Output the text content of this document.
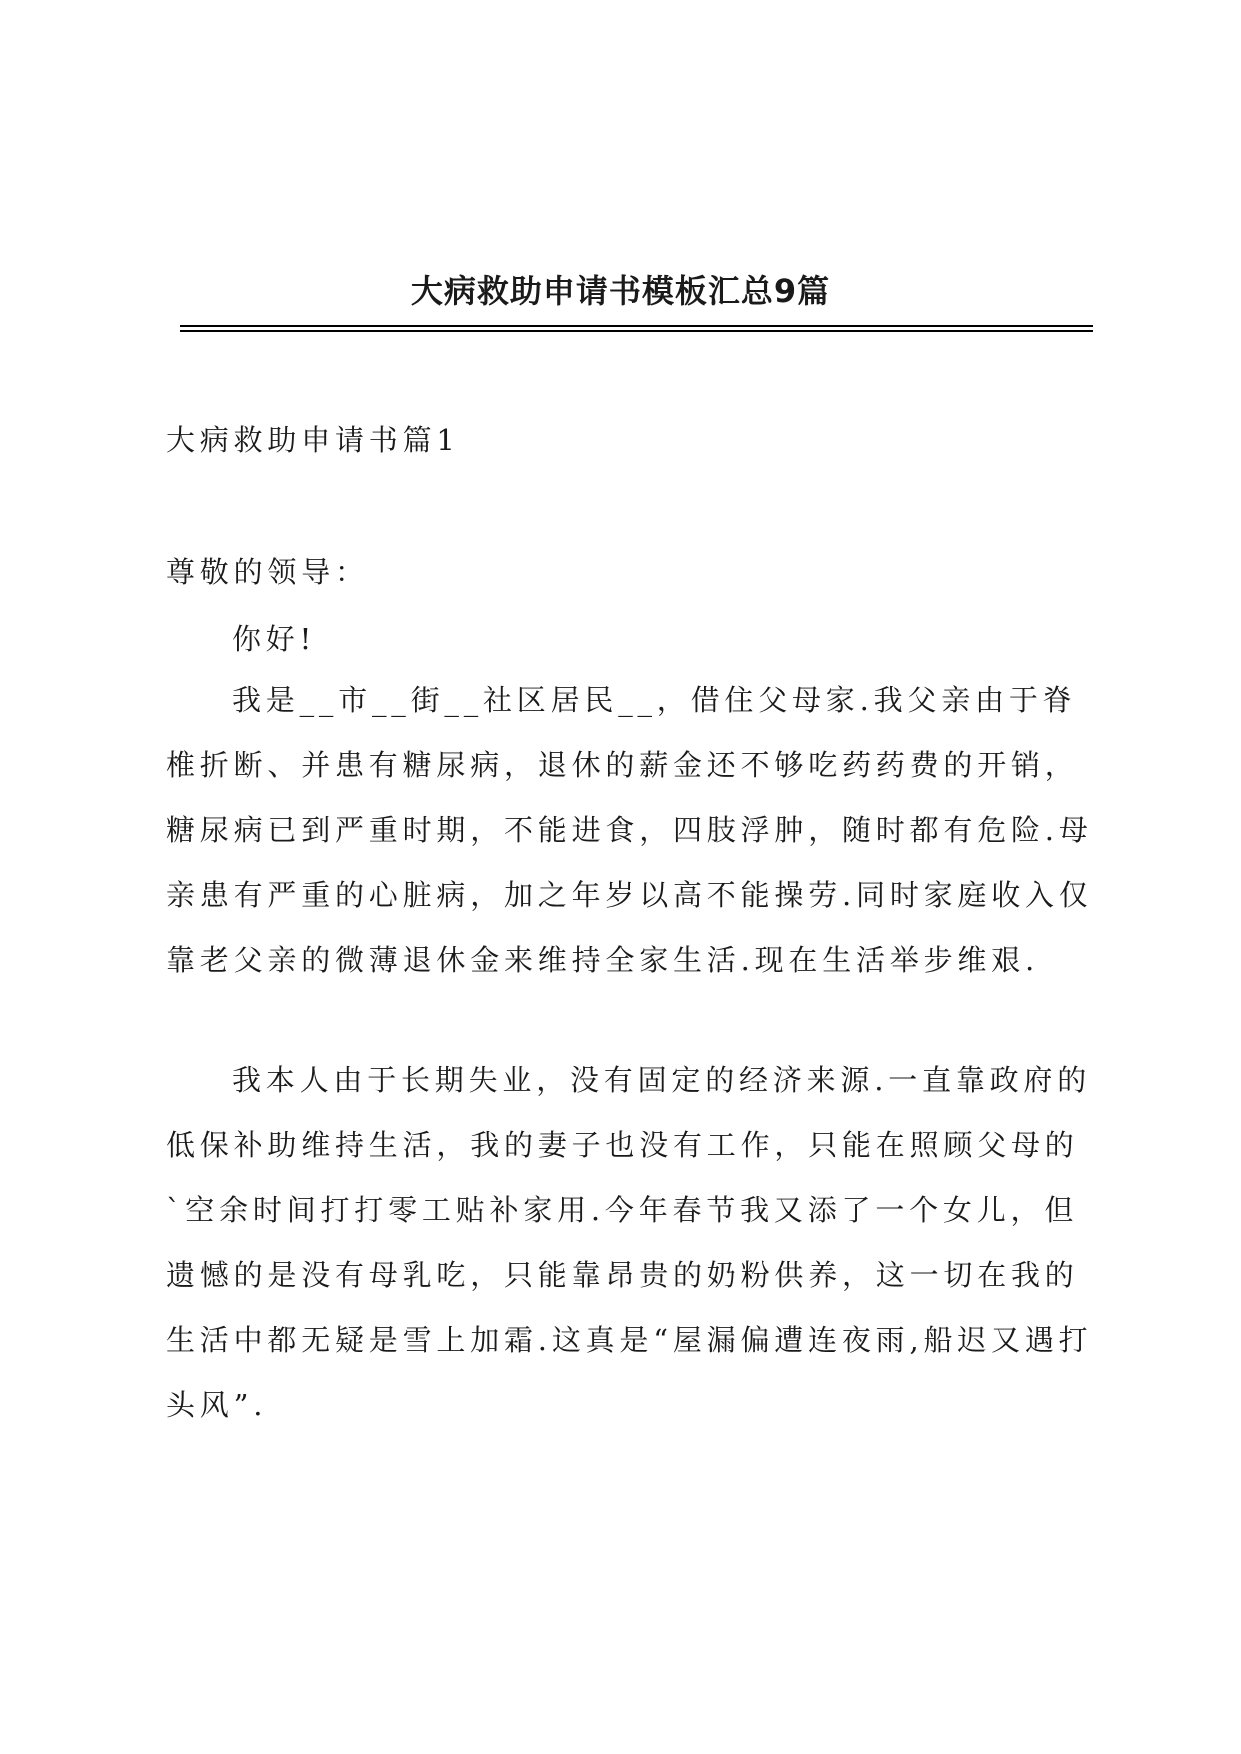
大病救助申请书模板汇总9篇

大病救助申请书篇1

尊敬的领导：

你好!

我是__市__街__社区居民__，借住父母家.我父亲由于脊椎折断、并患有糖尿病，退休的薪金还不够吃药药费的开销，糖尿病已到严重时期，不能进食，四肢浮肿，随时都有危险.母亲患有严重的心脏病，加之年岁以高不能操劳.同时家庭收入仅靠老父亲的微薄退休金来维持全家生活.现在生活举步维艰.

我本人由于长期失业，没有固定的经济来源.一直靠政府的低保补助维持生活，我的妻子也没有工作，只能在照顾父母的`空余时间打打零工贴补家用.今年春节我又添了一个女儿，但遗憾的是没有母乳吃，只能靠昂贵的奶粉供养，这一切在我的生活中都无疑是雪上加霜.这真是“屋漏偏遭连夜雨,船迟又遇打头风”.
